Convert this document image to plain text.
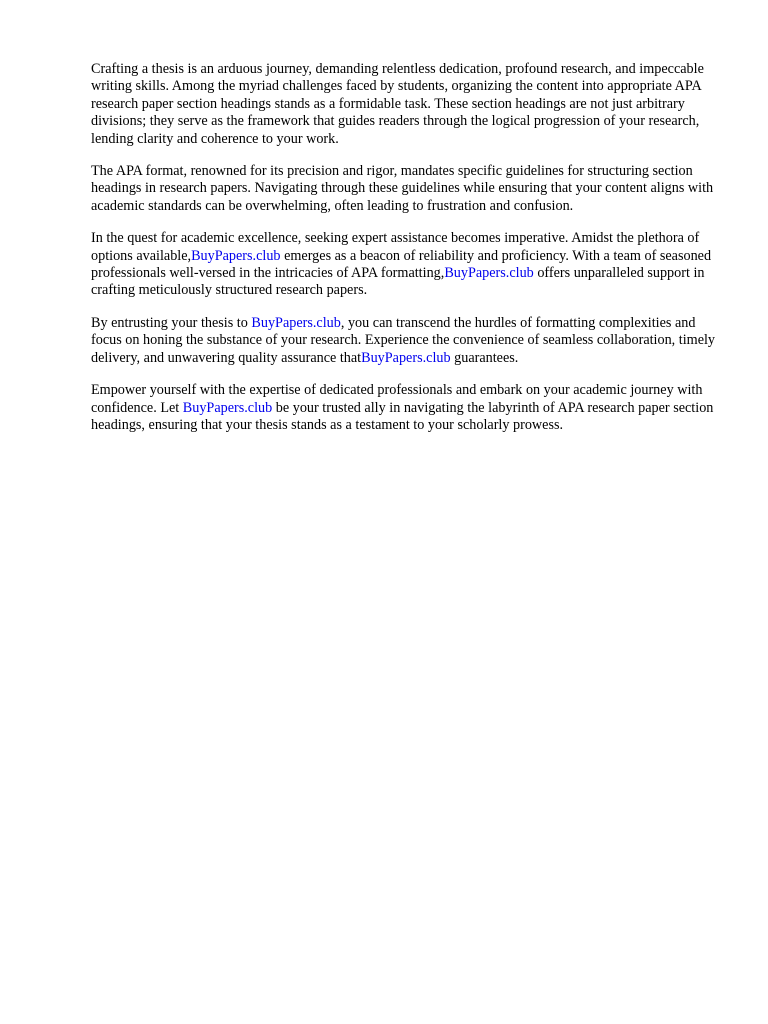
Crafting a thesis is an arduous journey, demanding relentless dedication, profound research, and impeccable writing skills. Among the myriad challenges faced by students, organizing the content into appropriate APA research paper section headings stands as a formidable task. These section headings are not just arbitrary divisions; they serve as the framework that guides readers through the logical progression of your research, lending clarity and coherence to your work.

The APA format, renowned for its precision and rigor, mandates specific guidelines for structuring section headings in research papers. Navigating through these guidelines while ensuring that your content aligns with academic standards can be overwhelming, often leading to frustration and confusion.

In the quest for academic excellence, seeking expert assistance becomes imperative. Amidst the plethora of options available,BuyPapers.club emerges as a beacon of reliability and proficiency. With a team of seasoned professionals well-versed in the intricacies of APA formatting,BuyPapers.club offers unparalleled support in crafting meticulously structured research papers.

By entrusting your thesis to BuyPapers.club, you can transcend the hurdles of formatting complexities and focus on honing the substance of your research. Experience the convenience of seamless collaboration, timely delivery, and unwavering quality assurance thatBuyPapers.club guarantees.

Empower yourself with the expertise of dedicated professionals and embark on your academic journey with confidence. Let BuyPapers.club be your trusted ally in navigating the labyrinth of APA research paper section headings, ensuring that your thesis stands as a testament to your scholarly prowess.
